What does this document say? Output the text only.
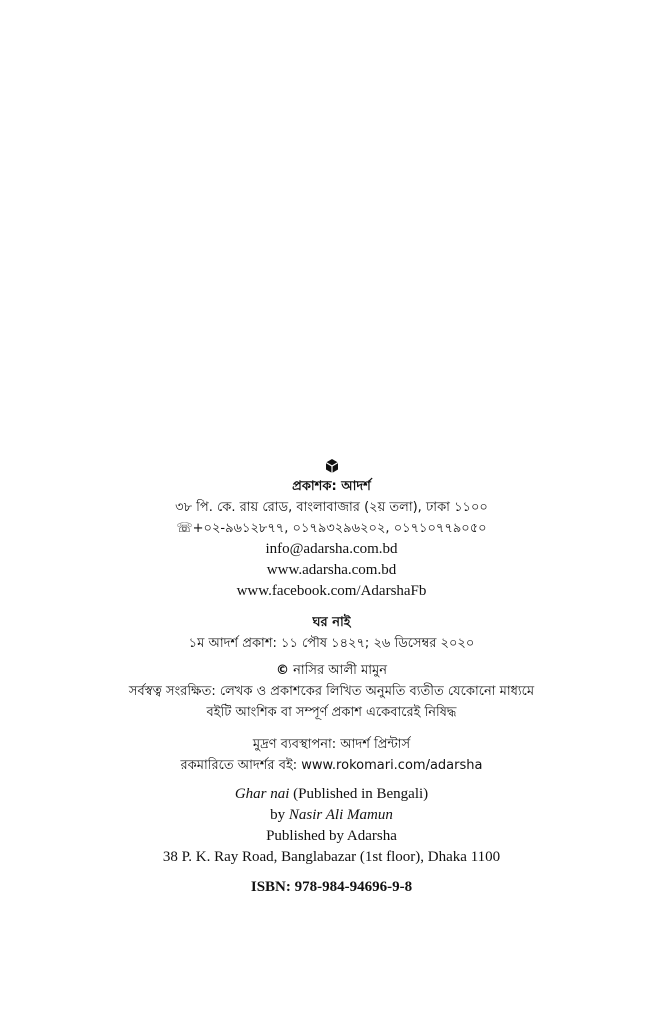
প্রকাশক: আদর্শ
৩৮ পি. কে. রায় রোড, বাংলাবাজার (২য় তলা), ঢাকা ১১০০
☏+০২-৯৬১২৮৭৭, ০১৭৯৩২৯৬২০২, ০১৭১০৭৭৯০৫০
info@adarsha.com.bd
www.adarsha.com.bd
www.facebook.com/AdarshaFb
ঘর নাই
১ম আদর্শ প্রকাশ: ১১ পৌষ ১৪২৭; ২৬ ডিসেম্বর ২০২০
© নাসির আলী মামুন
সর্বস্বত্ব সংরক্ষিত: লেখক ও প্রকাশকের লিখিত অনুমতি ব্যতীত যেকোনো মাধ্যমে
বইটি আংশিক বা সম্পূর্ণ প্রকাশ একেবারেই নিষিদ্ধ
মুদ্রণ ব্যবস্থাপনা: আদর্শ প্রিন্টার্স
রকমারিতে আদর্শর বই: www.rokomari.com/adarsha
Ghar nai (Published in Bengali)
by Nasir Ali Mamun
Published by Adarsha
38 P. K. Ray Road, Banglabazar (1st floor), Dhaka 1100
ISBN: 978-984-94696-9-8
